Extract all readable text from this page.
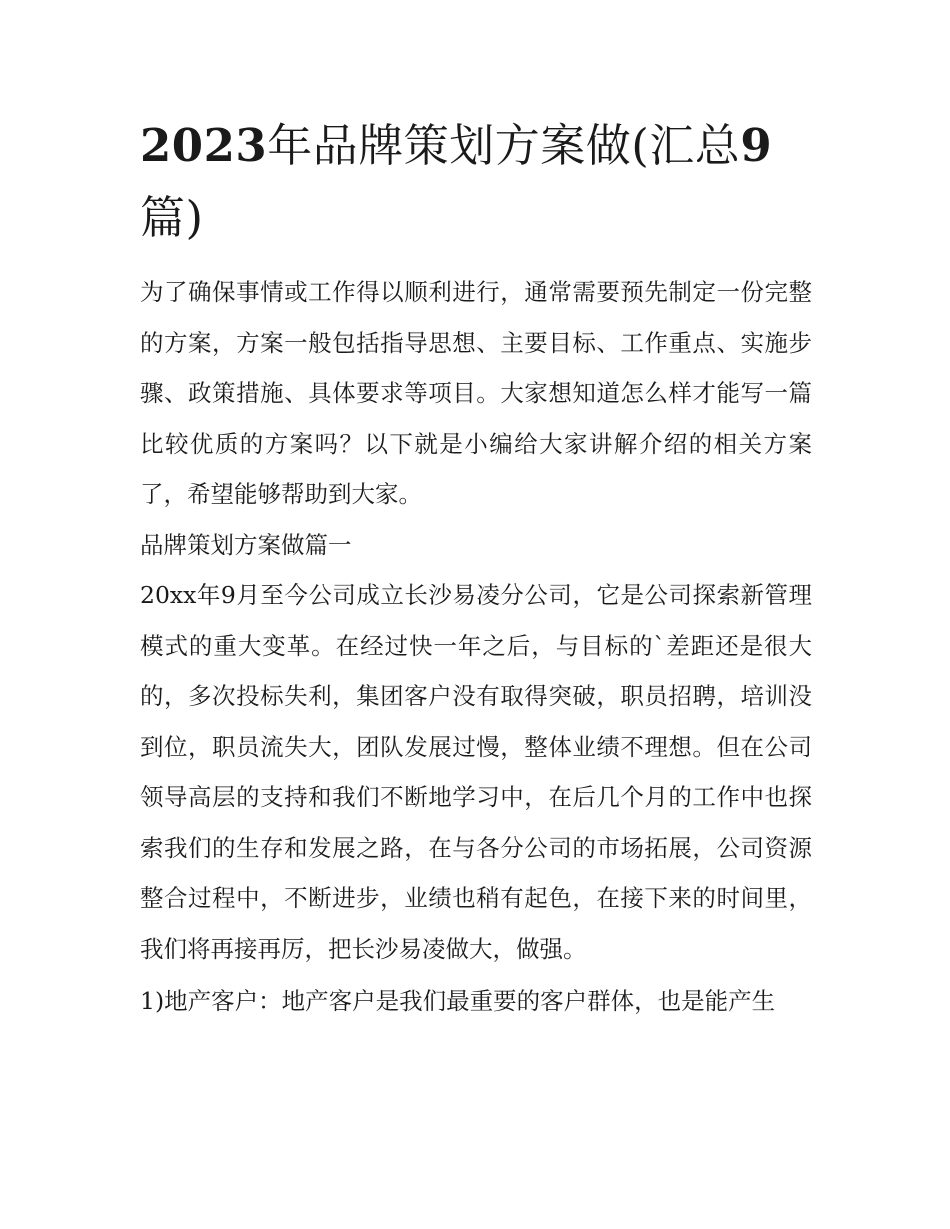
2023年品牌策划方案做(汇总9
篇)

为了确保事情或工作得以顺利进行，通常需要预先制定一份完整的方案，方案一般包括指导思想、主要目标、工作重点、实施步骤、政策措施、具体要求等项目。大家想知道怎么样才能写一篇比较优质的方案吗？以下就是小编给大家讲解介绍的相关方案了，希望能够帮助到大家。

品牌策划方案做篇一

20xx年9月至今公司成立长沙易凌分公司，它是公司探索新管理模式的重大变革。在经过快一年之后，与目标的`差距还是很大的，多次投标失利，集团客户没有取得突破，职员招聘，培训没到位，职员流失大，团队发展过慢，整体业绩不理想。但在公司领导高层的支持和我们不断地学习中，在后几个月的工作中也探索我们的生存和发展之路，在与各分公司的市场拓展，公司资源整合过程中，不断进步，业绩也稍有起色，在接下来的时间里，我们将再接再厉，把长沙易凌做大，做强。

1)地产客户：地产客户是我们最重要的客户群体，也是能产生
